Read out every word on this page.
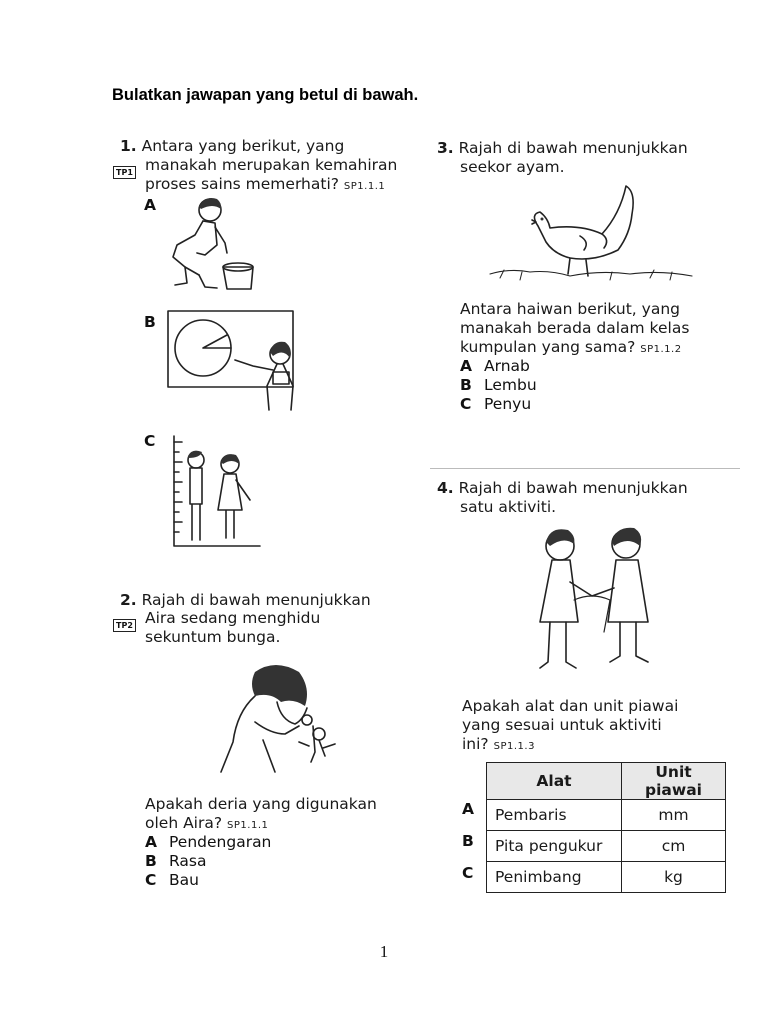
Bulatkan jawapan yang betul di bawah.
1. Antara yang berikut, yang
TP1 manakah merupakan kemahiran
proses sains memerhati? SP1.1.1
A
B
C
2. Rajah di bawah menunjukkan
TP2 Aira sedang menghidu
sekuntum bunga.
Apakah deria yang digunakan
oleh Aira? SP1.1.1
A Pendengaran
B Rasa
C Bau
3. Rajah di bawah menunjukkan
seekor ayam.
Antara haiwan berikut, yang
manakah berada dalam kelas
kumpulan yang sama? SP1.1.2
A Arnab
B Lembu
C Penyu
4. Rajah di bawah menunjukkan
satu aktiviti.
Apakah alat dan unit piawai
yang sesuai untuk aktiviti
ini? SP1.1.3
A
B
C
Alat	Unit piawai
Pembaris	mm
Pita pengukur	cm
Penimbang	kg
1
